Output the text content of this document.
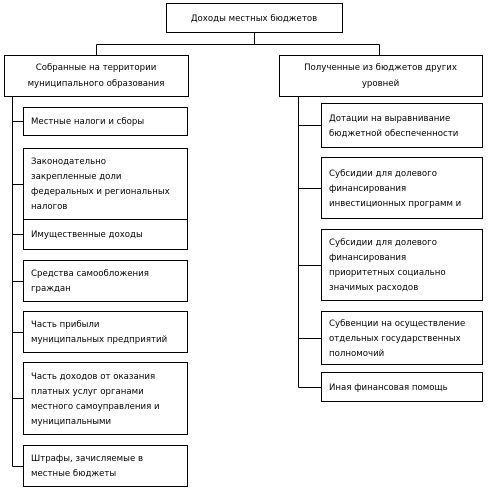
Доходы местных бюджетов
Собранные на территории
муниципального образования
Местные налоги и сборы
Законодательно
закрепленные доли
федеральных и региональных
налогов
Имущественные доходы
Средства самообложения
граждан
Часть прибыли
муниципальных предприятий
Часть доходов от оказания
платных услуг органами
местного самоуправления и
муниципальными
Штрафы, зачисляемые в
местные бюджеты
Полученные из бюджетов других
уровней
Дотации на выравнивание
бюджетной обеспеченности
Субсидии для долевого
финансирования
инвестиционных программ и
Субсидии для долевого
финансирования
приоритетных социально
значимых расходов
Субвенции на осуществление
отдельных государственных
полномочий
Иная финансовая помощь
